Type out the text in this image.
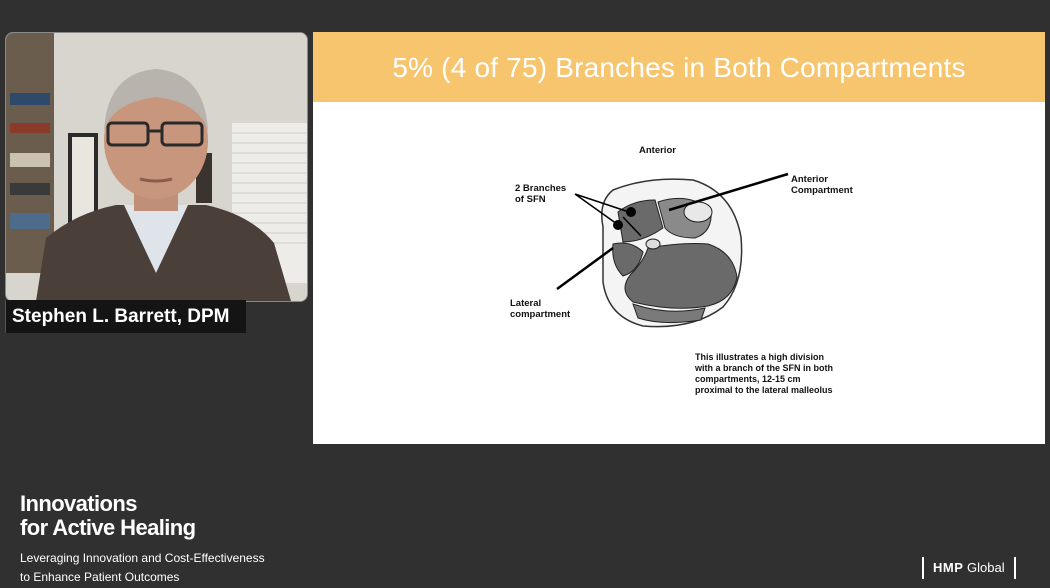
Stephen L. Barrett, DPM
5% (4 of 75) Branches in Both Compartments
Anterior
2 Branches
of SFN
Anterior
Compartment
Lateral
compartment
This illustrates a high division
with a branch of the SFN in both
compartments, 12-15 cm
proximal to the lateral malleolus
Innovations
for Active Healing
Leveraging Innovation and Cost-Effectiveness
to Enhance Patient Outcomes
HMP Global
